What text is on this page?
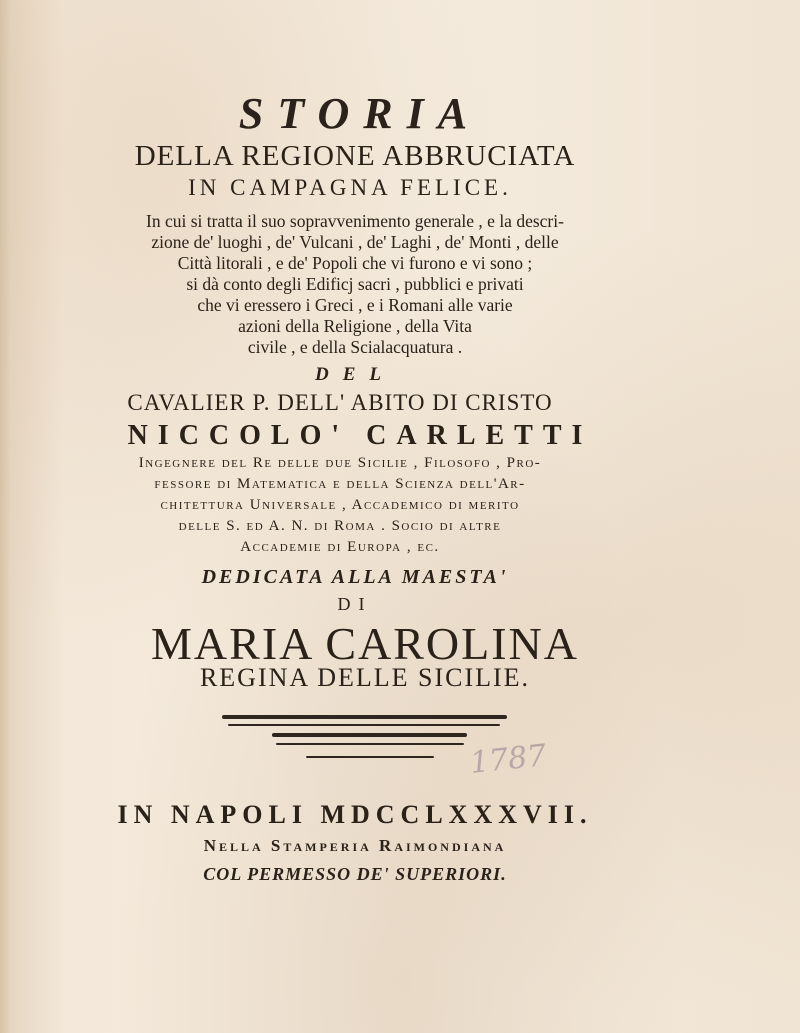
STORIA
DELLA REGIONE ABBRUCIATA
IN CAMPAGNA FELICE.
In cui si tratta il suo sopravvenimento generale , e la descri-
zione de' luoghi , de' Vulcani , de' Laghi , de' Monti , delle
Città litorali , e de' Popoli che vi furono e vi sono ;
si dà conto degli Edificj sacri , pubblici e privati
che vi eressero i Greci , e i Romani alle varie
azioni della Religione , della Vita
civile , e della Scialacquatura .
DEL
CAVALIER P. DELL' ABITO DI CRISTO
NICCOLO' CARLETTI
Ingegnere del Re delle due Sicilie , Filosofo , Pro-
fessore di Matematica e della Scienza dell'Ar-
chitettura Universale , Accademico di merito
delle S. ed A. N. di Roma . Socio di altre
Accademie di Europa , ec.
DEDICATA ALLA MAESTA'
DI
MARIA CAROLINA
REGINA DELLE SICILIE.
1787
IN NAPOLI MDCCLXXXVII.
Nella Stamperia Raimondiana
COL PERMESSO DE' SUPERIORI.
